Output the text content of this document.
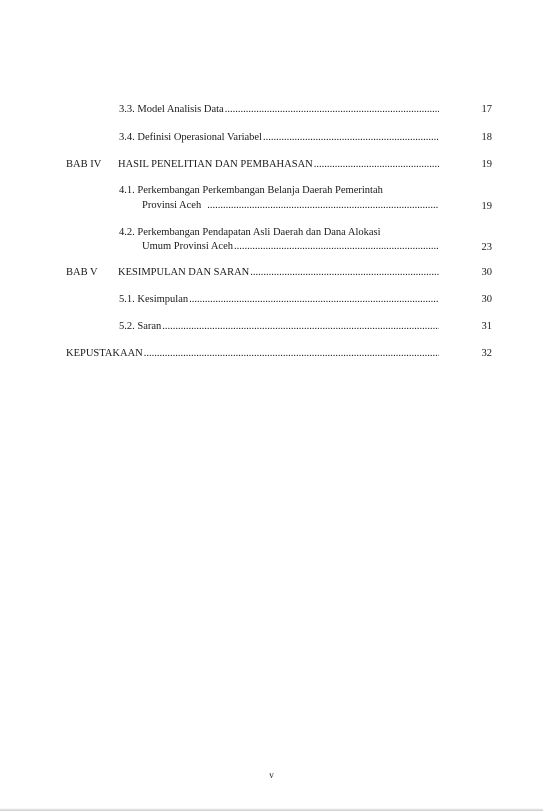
3.3. Model Analisis Data .....	17
3.4. Definisi Operasional Variabel .....	18
BAB IV HASIL PENELITIAN DAN PEMBAHASAN .....	19
4.1. Perkembangan Perkembangan Belanja Daerah Pemerintah
Provinsi Aceh .....	19
4.2. Perkembangan Pendapatan Asli Daerah dan Dana Alokasi
Umum Provinsi Aceh .....	23
BAB V KESIMPULAN DAN SARAN .....	30
5.1. Kesimpulan .....	30
5.2. Saran .....	31
KEPUSTAKAAN .....	32
v
